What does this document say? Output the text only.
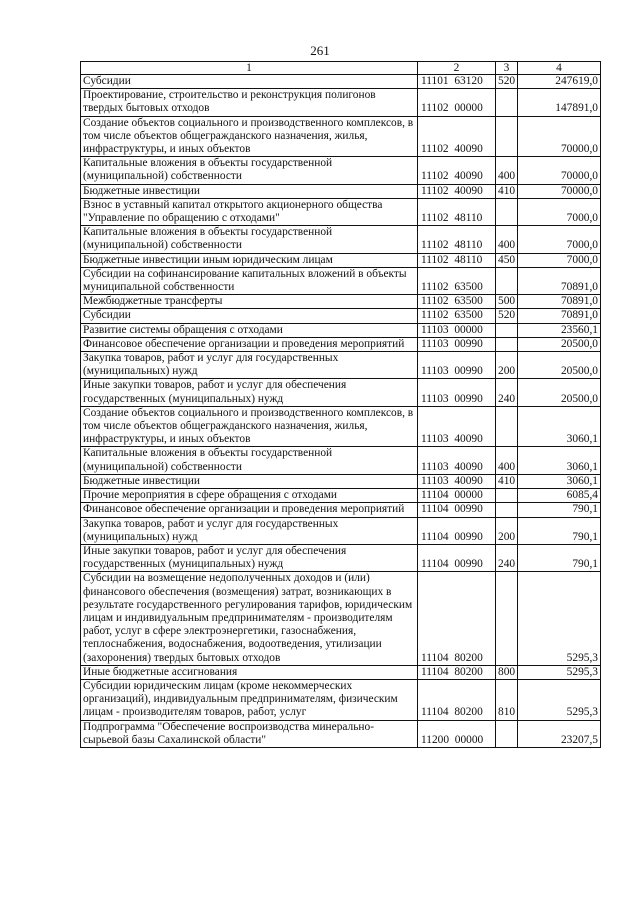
261
1	2	3	4
Субсидии	11101  63120	520	247619,0
Проектирование, строительство и реконструкция полигонов твердых бытовых отходов	11102  00000		147891,0
Создание объектов социального и производственного комплексов, в том числе объектов общегражданского назначения, жилья, инфраструктуры, и иных объектов	11102  40090		70000,0
Капитальные вложения в объекты государственной (муниципальной) собственности	11102  40090	400	70000,0
Бюджетные инвестиции	11102  40090	410	70000,0
Взнос в уставный капитал открытого акционерного общества "Управление по обращению с отходами"	11102  48110		7000,0
Капитальные вложения в объекты государственной (муниципальной) собственности	11102  48110	400	7000,0
Бюджетные инвестиции иным юридическим лицам	11102  48110	450	7000,0
Субсидии на софинансирование капитальных вложений в объекты муниципальной собственности	11102  63500		70891,0
Межбюджетные трансферты	11102  63500	500	70891,0
Субсидии	11102  63500	520	70891,0
Развитие системы обращения с отходами	11103  00000		23560,1
Финансовое обеспечение организации и проведения мероприятий	11103  00990		20500,0
Закупка товаров, работ и услуг для государственных (муниципальных) нужд	11103  00990	200	20500,0
Иные закупки товаров, работ и услуг для обеспечения государственных (муниципальных) нужд	11103  00990	240	20500,0
Создание объектов социального и производственного комплексов, в том числе объектов общегражданского назначения, жилья, инфраструктуры, и иных объектов	11103  40090		3060,1
Капитальные вложения в объекты государственной (муниципальной) собственности	11103  40090	400	3060,1
Бюджетные инвестиции	11103  40090	410	3060,1
Прочие мероприятия в сфере обращения с отходами	11104  00000		6085,4
Финансовое обеспечение организации и проведения мероприятий	11104  00990		790,1
Закупка товаров, работ и услуг для государственных (муниципальных) нужд	11104  00990	200	790,1
Иные закупки товаров, работ и услуг для обеспечения государственных (муниципальных) нужд	11104  00990	240	790,1
Субсидии на возмещение недополученных доходов и (или) финансового обеспечения (возмещения) затрат, возникающих в результате государственного регулирования тарифов, юридическим лицам и индивидуальным предпринимателям - производителям работ, услуг в сфере электроэнергетики, газоснабжения, теплоснабжения, водоснабжения, водоотведения, утилизации (захоронения) твердых бытовых отходов	11104  80200		5295,3
Иные бюджетные ассигнования	11104  80200	800	5295,3
Субсидии юридическим лицам (кроме некоммерческих организаций), индивидуальным предпринимателям, физическим лицам - производителям товаров, работ, услуг	11104  80200	810	5295,3
Подпрограмма "Обеспечение воспроизводства минерально-сырьевой базы Сахалинской области"	11200  00000		23207,5
